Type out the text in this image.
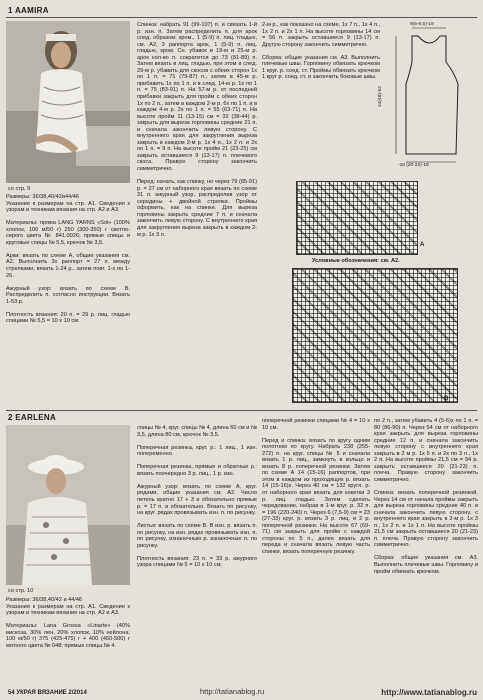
1 AAMIRA
со стр. 9
Размеры: 36/38,40/42и44/46
Указания к размерам на стр. А1. Сведения к узорам и техникам вязания на стр. А2 и А3.

Материалы: пряжа LANG YARNS «Sol» (100% хлопок, 100 м/50 г) 250 (300-350) г светло-серого цвета № 841.0026; прямые спицы и круговые спицы № 5,5, крючок № 3,5.

Арки: вязать по схеме А, общие указания см. А2. Выполнить 3х раппорт = 27 п. между стрелками, вязать 1-24 р., затем повт. 1-х по 1-26.

Ажурный узор: вязать по схеме В. Распределить п. согласно инструкции. Вязать 1-53 р.

Плотность вязания: 20 п. = 29 р. лиц. гладью спицами № 5,5 = 10 х 10 см.
Спинка: набрать 91 (99-107) п. и связать 1-й р. изн. п. Затем распределить п. для арок след. образом: кром., 1 (5-9) п. лиц. гладью, см. А2, 3 раппорта арок, 1 (5-9) п. лиц. гладью, кром. Сн. убавок в 19-м и 25-м р. арок кол-во п. сократится до 73 (81-89) п. Затем вязать в лиц. гладью, при этом в след. 29-м р. убавить для скосов с обеих сторон 1х по 1 п. = 71 (79-87) п., затем в 45-м р. прибавить 1х по 1 п. и в след. 14-м р. 1х по 1 п. = 75 (83-91) п. На 57-м р. от последней прибавки закрыть для пройм с обеих сторон 1х по 2 п., затем в каждом 2-м р. 6х по 1 п. и в каждом 4-м р. 2х по 1 п. = 55 (63-71) п. На высоте пройм 11 (13-15) см = 32 (38-44) р. закрыть для выреза горловины средние 21 п. и сначала закончить левую сторону. С внутреннего края для закругления выреза закрыть в каждом 2-м р. 1х 4 п., 1х 2 п. и 2х по 1 п. = 9 п. На высоте пройм 21 (23-25) см закрыть оставшиеся 9 (13-17) п. плечевого скоса. Правую сторону закончить симметрично.

Перед: начать, как спинку, но через 79 (85-91) р. = 27 см от наборного края вязать по схеме 31 п. ажурный узор, распределив узор от середины + двойной стрелки. Проймы оформить, как на спинке. Для выреза горловины закрыть средние 7 п. и сначала закончить левую сторону. С внутреннего края для закругления выреза закрыть в каждом 2-м р. 1х 3 п.
2-м р., как показано на схеме, 1х 7 п., 1х 4 п., 1х 2 п. и 2х 1 п. На высоте горловины 14 см = 56 п. закрыть оставшиеся 9 (13-17) п. Другую сторону закончить симметрично.

Сборка: общие указания см. А3. Выполнить плечевые швы. Горловину обвязать крючком 1 круг. р. соед. ст. Проймы обвязать крючком 1 круг р. соед. ст. и закончить боковые швы.
9(5-8,5)-19
44(48)-52
-18 (20-22)-18
A
Условные обозначения: см. А2.
B
2 EARLENA
со стр. 10
Размеры: 36/38,40/42 и 44/46
Указания к размерам на стр. А1. Сведения к узорам и техникам вязания на стр. А2 и А3.

Материалы: Lana Grossa «Linarte» (40% вискоза, 30% лен, 20% хлопок, 10% нейлона, 100 м/50 г) 375 (425-475) г + 400 (450-500) г мятного цвета № 048; прямые спицы № 4.
спицы № 4, круг. спицы № 4, длина 60 см и № 3,5, длина 80 см, крючок № 3,5.

Поперечная резинка, круг. р.: 1 лиц., 1 изн. попеременно.

Поперечная резинка, прямые и обратные р.: вязать поочередно 3 р. лиц., 1 р. изн.

Ажурный узор: вязать по схеме А, круг. рядами, общие указания см. А2. Число петель кратно 17 + 3 и обязательно прямые р. = 17 п. в обязательно. Вязать по рисунку, на круг. рядах провязывать изн. п. по рисунку.

Листья: вязать по схеме В. В изн. р. вязать п. по рисунку, на изн. рядах провязывать изн. п. по рисунку, изнаночным р. изнаночные п. по рисунку.

Плотность вязания: 23 п. = 33 р. ажурного узора спицами № 5 = 10 х 10 см.
поперечной резинки спицами № 4 = 10 х 10 см.

Перед и спинка: вязать по кругу одним полотном по кругу. Набрать 238 (255-272) п. на круг. спицы № 5 и сначала вязать 1 р. лиц., замкнуть в кольцо и вязать 8 р. поперечной резинки. Затем по схеме А 14 (15-16) раппортов, при этом в каждом из проходящих р. вязать 14 (15-16)х. Через 40 см = 132 кругл. р. от наборного края вязать для кокетки 3 р. лиц. гладью. Затем сделать чередование, набрав в 1-м круг. р. 32 п. = 196 (220-240) п. Через 6 (7,5-9) см = 23 (27-33) круг. р. вязать 3 р. лиц. и 2 р. поперечной резинки. На высоте 67 (69-71) см закрыть для пройм с каждой стороны по 5 п., далее вязать для переда и сначала вязать левую часть спинки, вязать поперечную резинку.
по 2 п., затем убавить 4 (5-6)х по 1 п. = 80 (86-90) п. Через 54 см от наборного края закрыть для выреза горловины средние 12 п. и сначала закончить левую сторону с внутреннего края закрыть в 2 м р. 1х 5 п. и 2х по 3 п., 1х 2 п. На высоте проймы 21,5 см = 94 р. закрыть оставшиеся 20 (21-23) п. плеча. Правую сторону закончить симметрично.

Спинка: вязать поперечной резинкой. Через 14 см от начала проймы закрыть для выреза горловины средние 40 п. и сначала закончить левую сторону, с внутреннего края закрыть в 2-м р. 1х 3 п., 1х 2 п. и 1х 1 п. На высоте проймы 21,5 см закрыть оставшиеся 20 (21-23) п. плеча. Правую сторону закончить симметрично.

Сборка: общие указания см. А3. Выполнить плечевые швы. Горловину и пройм обвязать крючком.
54 УКРАЯ ВЯЗАНИЕ 2/2014	http://tatianablog.ru	http://www.tatianablog.ru
